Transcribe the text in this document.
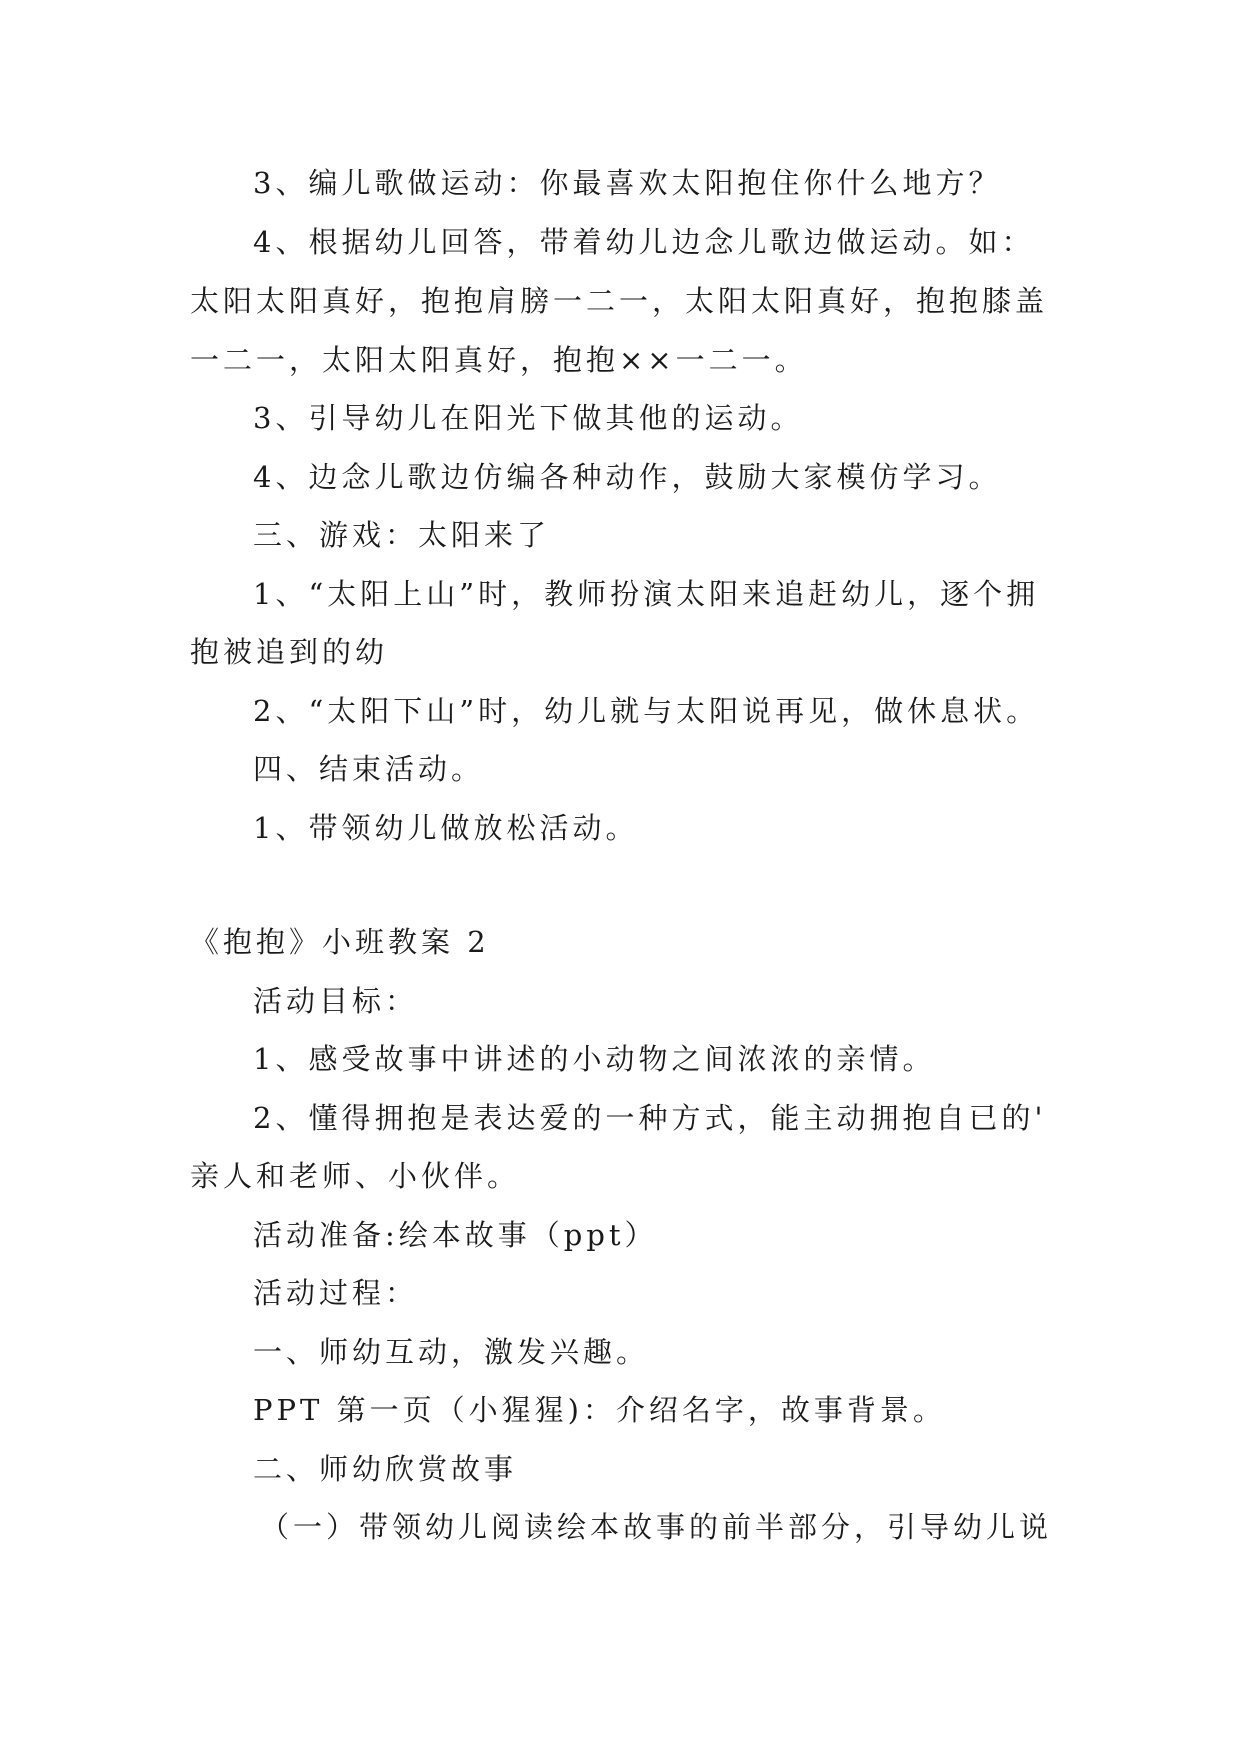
3、编儿歌做运动：你最喜欢太阳抱住你什么地方？

4、根据幼儿回答，带着幼儿边念儿歌边做运动。如：

太阳太阳真好，抱抱肩膀一二一，太阳太阳真好，抱抱膝盖

一二一，太阳太阳真好，抱抱××一二一。

3、引导幼儿在阳光下做其他的运动。

4、边念儿歌边仿编各种动作，鼓励大家模仿学习。

三、游戏：太阳来了

1、“太阳上山”时，教师扮演太阳来追赶幼儿，逐个拥

抱被追到的幼

2、“太阳下山”时，幼儿就与太阳说再见，做休息状。

四、结束活动。

1、带领幼儿做放松活动。

《抱抱》小班教案 2

活动目标：

1、感受故事中讲述的小动物之间浓浓的亲情。

2、懂得拥抱是表达爱的一种方式，能主动拥抱自已的'

亲人和老师、小伙伴。

活动准备:绘本故事（ppt）

活动过程：

一、师幼互动，激发兴趣。

PPT 第一页（小猩猩)：介绍名字，故事背景。

二、师幼欣赏故事

（一）带领幼儿阅读绘本故事的前半部分，引导幼儿说
